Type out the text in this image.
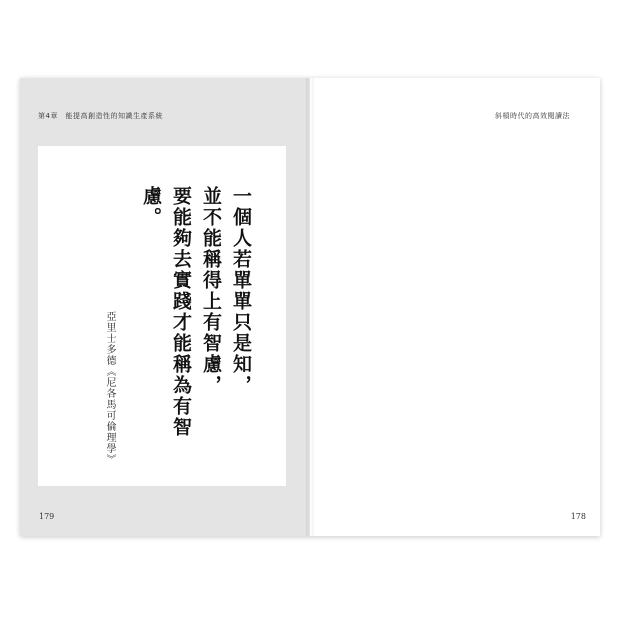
第4章　能提高創造性的知識生產系統

一個人若單單只是知，
並不能稱得上有智慮，
要能夠去實踐才能稱為有智慮。

亞里士多德《尼各馬可倫理學》
179
斜槓時代的高效閱讀法
178
